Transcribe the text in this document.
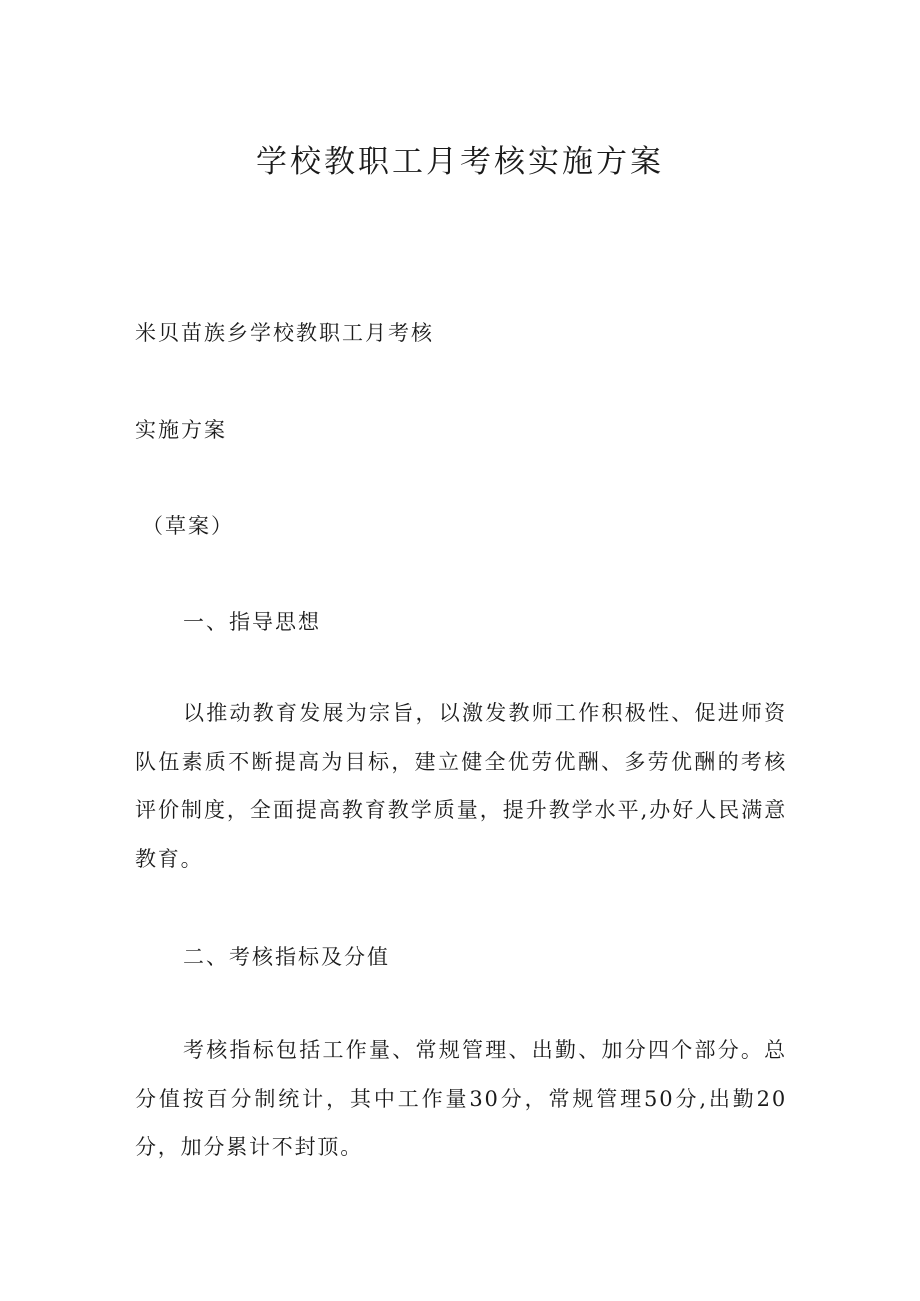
学校教职工月考核实施方案

米贝苗族乡学校教职工月考核

实施方案

（草案）

一、指导思想

以推动教育发展为宗旨，以激发教师工作积极性、促进师资队伍素质不断提高为目标，建立健全优劳优酬、多劳优酬的考核评价制度，全面提高教育教学质量，提升教学水平,办好人民满意教育。

二、考核指标及分值

考核指标包括工作量、常规管理、出勤、加分四个部分。总分值按百分制统计，其中工作量30分，常规管理50分,出勤20分，加分累计不封顶。
